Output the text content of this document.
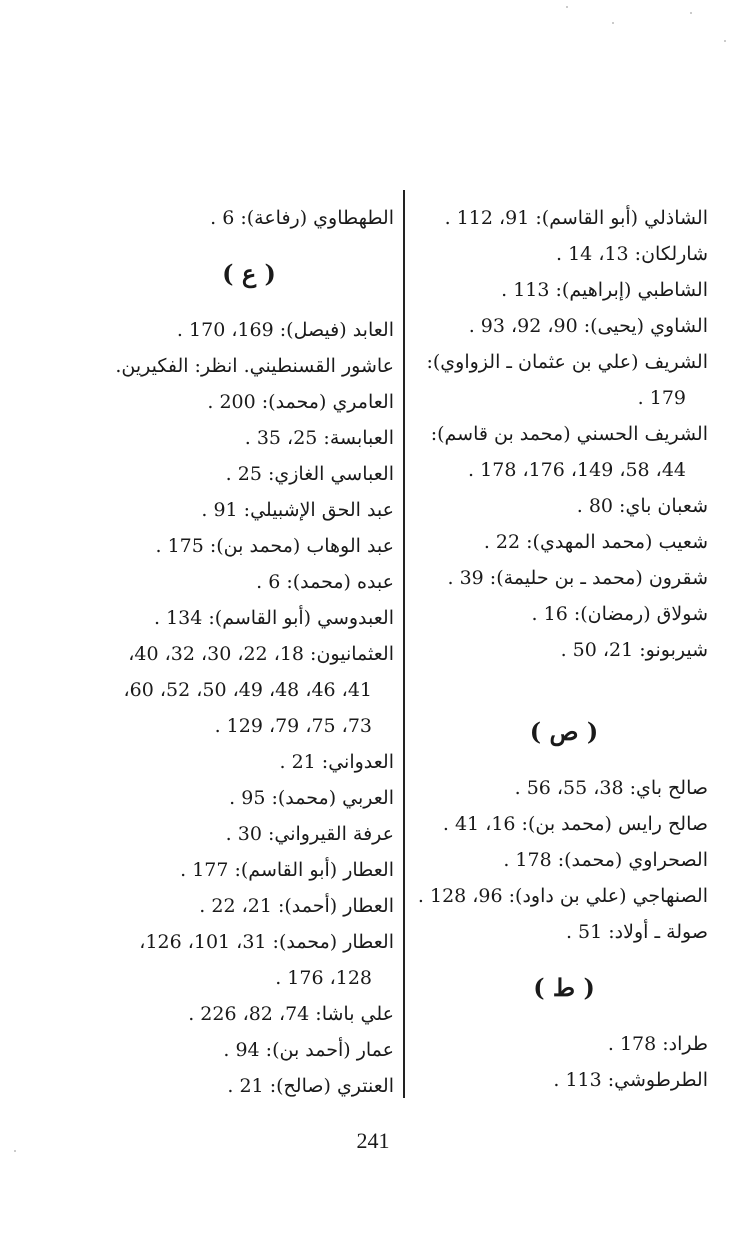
الشاذلي (أبو القاسم): 91، 112 .
شارلكان: 13، 14 .
الشاطبي (إبراهيم): 113 .
الشاوي (يحيى): 90، 92، 93 .
الشريف (علي بن عثمان ـ الزواوي):
179 .
الشريف الحسني (محمد بن قاسم):
44، 58، 149، 176، 178 .
شعبان باي: 80 .
شعيب (محمد المهدي): 22 .
شقرون (محمد ـ بن حليمة): 39 .
شولاق (رمضان): 16 .
شيربونو: 21، 50 .
( ص )
صالح باي: 38، 55، 56 .
صالح رايس (محمد بن): 16، 41 .
الصحراوي (محمد): 178 .
الصنهاجي (علي بن داود): 96، 128 .
صولة ـ أولاد: 51 .
( ط )
طراد: 178 .
الطرطوشي: 113 .
الطهطاوي (رفاعة): 6 .
( ع )
العابد (فيصل): 169، 170 .
عاشور القسنطيني. انظر: الفكيرين.
العامري (محمد): 200 .
العبابسة: 25، 35 .
العباسي الغازي: 25 .
عبد الحق الإشبيلي: 91 .
عبد الوهاب (محمد بن): 175 .
عبده (محمد): 6 .
العبدوسي (أبو القاسم): 134 .
العثمانيون: 18، 22، 30، 32، 40،
41، 46، 48، 49، 50، 52، 60،
73، 75، 79، 129 .
العدواني: 21 .
العربي (محمد): 95 .
عرفة القيرواني: 30 .
العطار (أبو القاسم): 177 .
العطار (أحمد): 21، 22 .
العطار (محمد): 31، 101، 126،
128، 176 .
علي باشا: 74، 82، 226 .
عمار (أحمد بن): 94 .
العنتري (صالح): 21 .
241
